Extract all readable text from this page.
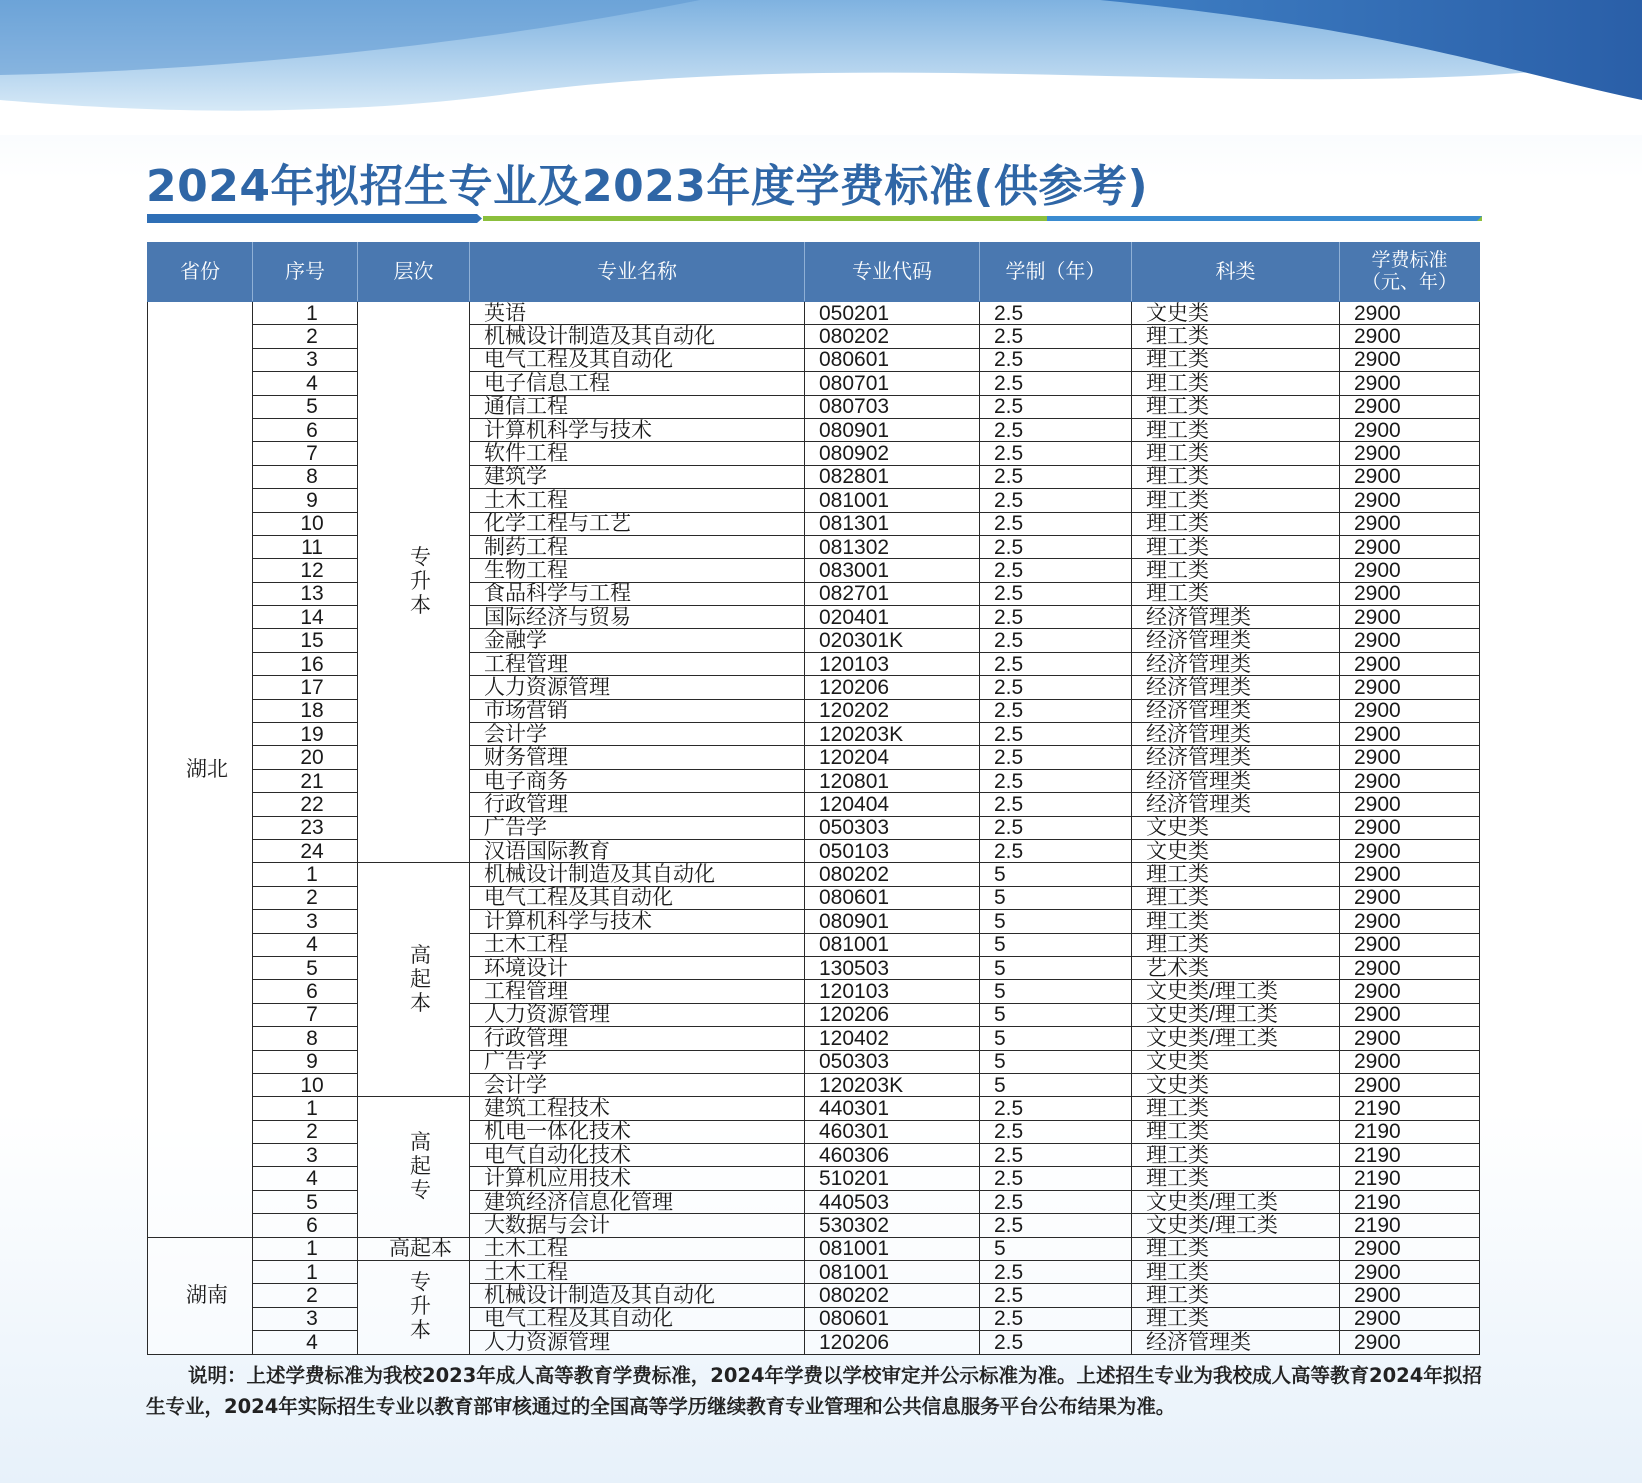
2024年拟招生专业及2023年度学费标准(供参考)
省份	序号	层次	专业名称	专业代码	学制（年）	科类	学费标准（元、年）
湖北	1	专升本	英语	050201	2.5	文史类	2900
	2		机械设计制造及其自动化	080202	2.5	理工类	2900
	3		电气工程及其自动化	080601	2.5	理工类	2900
	4		电子信息工程	080701	2.5	理工类	2900
	5		通信工程	080703	2.5	理工类	2900
	6		计算机科学与技术	080901	2.5	理工类	2900
	7		软件工程	080902	2.5	理工类	2900
	8		建筑学	082801	2.5	理工类	2900
	9		土木工程	081001	2.5	理工类	2900
	10		化学工程与工艺	081301	2.5	理工类	2900
	11		制药工程	081302	2.5	理工类	2900
	12		生物工程	083001	2.5	理工类	2900
	13		食品科学与工程	082701	2.5	理工类	2900
	14		国际经济与贸易	020401	2.5	经济管理类	2900
	15		金融学	020301K	2.5	经济管理类	2900
	16		工程管理	120103	2.5	经济管理类	2900
	17		人力资源管理	120206	2.5	经济管理类	2900
	18		市场营销	120202	2.5	经济管理类	2900
	19		会计学	120203K	2.5	经济管理类	2900
	20		财务管理	120204	2.5	经济管理类	2900
	21		电子商务	120801	2.5	经济管理类	2900
	22		行政管理	120404	2.5	经济管理类	2900
	23		广告学	050303	2.5	文史类	2900
	24		汉语国际教育	050103	2.5	文史类	2900
	1	高起本	机械设计制造及其自动化	080202	5	理工类	2900
	2		电气工程及其自动化	080601	5	理工类	2900
	3		计算机科学与技术	080901	5	理工类	2900
	4		土木工程	081001	5	理工类	2900
	5		环境设计	130503	5	艺术类	2900
	6		工程管理	120103	5	文史类/理工类	2900
	7		人力资源管理	120206	5	文史类/理工类	2900
	8		行政管理	120402	5	文史类/理工类	2900
	9		广告学	050303	5	文史类	2900
	10		会计学	120203K	5	文史类	2900
	1	高起专	建筑工程技术	440301	2.5	理工类	2190
	2		机电一体化技术	460301	2.5	理工类	2190
	3		电气自动化技术	460306	2.5	理工类	2190
	4		计算机应用技术	510201	2.5	理工类	2190
	5		建筑经济信息化管理	440503	2.5	文史类/理工类	2190
	6		大数据与会计	530302	2.5	文史类/理工类	2190
湖南	1	高起本	土木工程	081001	5	理工类	2900
	1	专升本	土木工程	081001	2.5	理工类	2900
	2		机械设计制造及其自动化	080202	2.5	理工类	2900
	3		电气工程及其自动化	080601	2.5	理工类	2900
	4		人力资源管理	120206	2.5	经济管理类	2900

说明：上述学费标准为我校2023年成人高等教育学费标准，2024年学费以学校审定并公示标准为准。上述招生专业为我校成人高等教育2024年拟招生专业，2024年实际招生专业以教育部审核通过的全国高等学历继续教育专业管理和公共信息服务平台公布结果为准。
